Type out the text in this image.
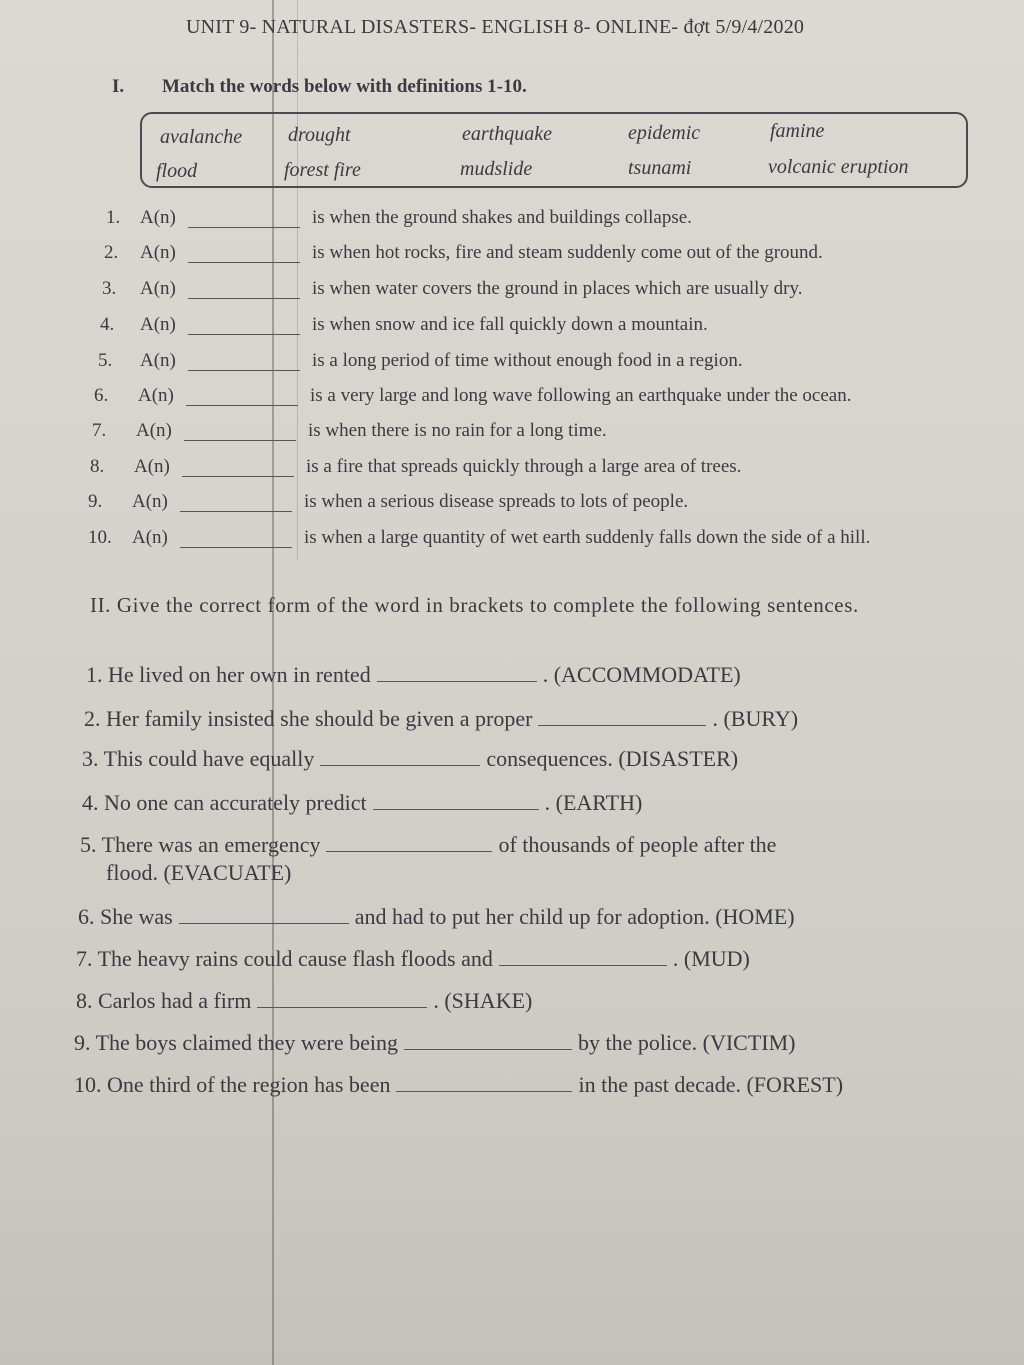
UNIT 9- NATURAL DISASTERS- ENGLISH 8- ONLINE- đợt 5/9/4/2020
I. Match the words below with definitions 1-10.
avalanche drought	earthquake	epidemic	famine
flood	forest fire	mudslide	tsunami	volcanic eruption
1. A(n)	is when the ground shakes and buildings collapse.
2. A(n)	is when hot rocks, fire and steam suddenly come out of the ground.
3. A(n)	is when water covers the ground in places which are usually dry.
4. A(n)	is when snow and ice fall quickly down a mountain.
5. A(n)	is a long period of time without enough food in a region.
6. A(n)	is a very large and long wave following an earthquake under the ocean.
7. A(n)	is when there is no rain for a long time.
8. A(n)	is a fire that spreads quickly through a large area of trees.
9. A(n)	is when a serious disease spreads to lots of people.
10. A(n)	is when a large quantity of wet earth suddenly falls down the side of a hill.
II. Give the correct form of the word in brackets to complete the following sentences.
1. He lived on her own in rented	. (ACCOMMODATE)
2. Her family insisted she should be given a proper	. (BURY)
3. This could have equally	consequences. (DISASTER)
4. No one can accurately predict	. (EARTH)
5. There was an emergency	of thousands of people after the
flood. (EVACUATE)
6. She was	and had to put her child up for adoption. (HOME)
7. The heavy rains could cause flash floods and	. (MUD)
8. Carlos had a firm	. (SHAKE)
9. The boys claimed they were being	by the police. (VICTIM)
10. One third of the region has been	in the past decade. (FOREST)
